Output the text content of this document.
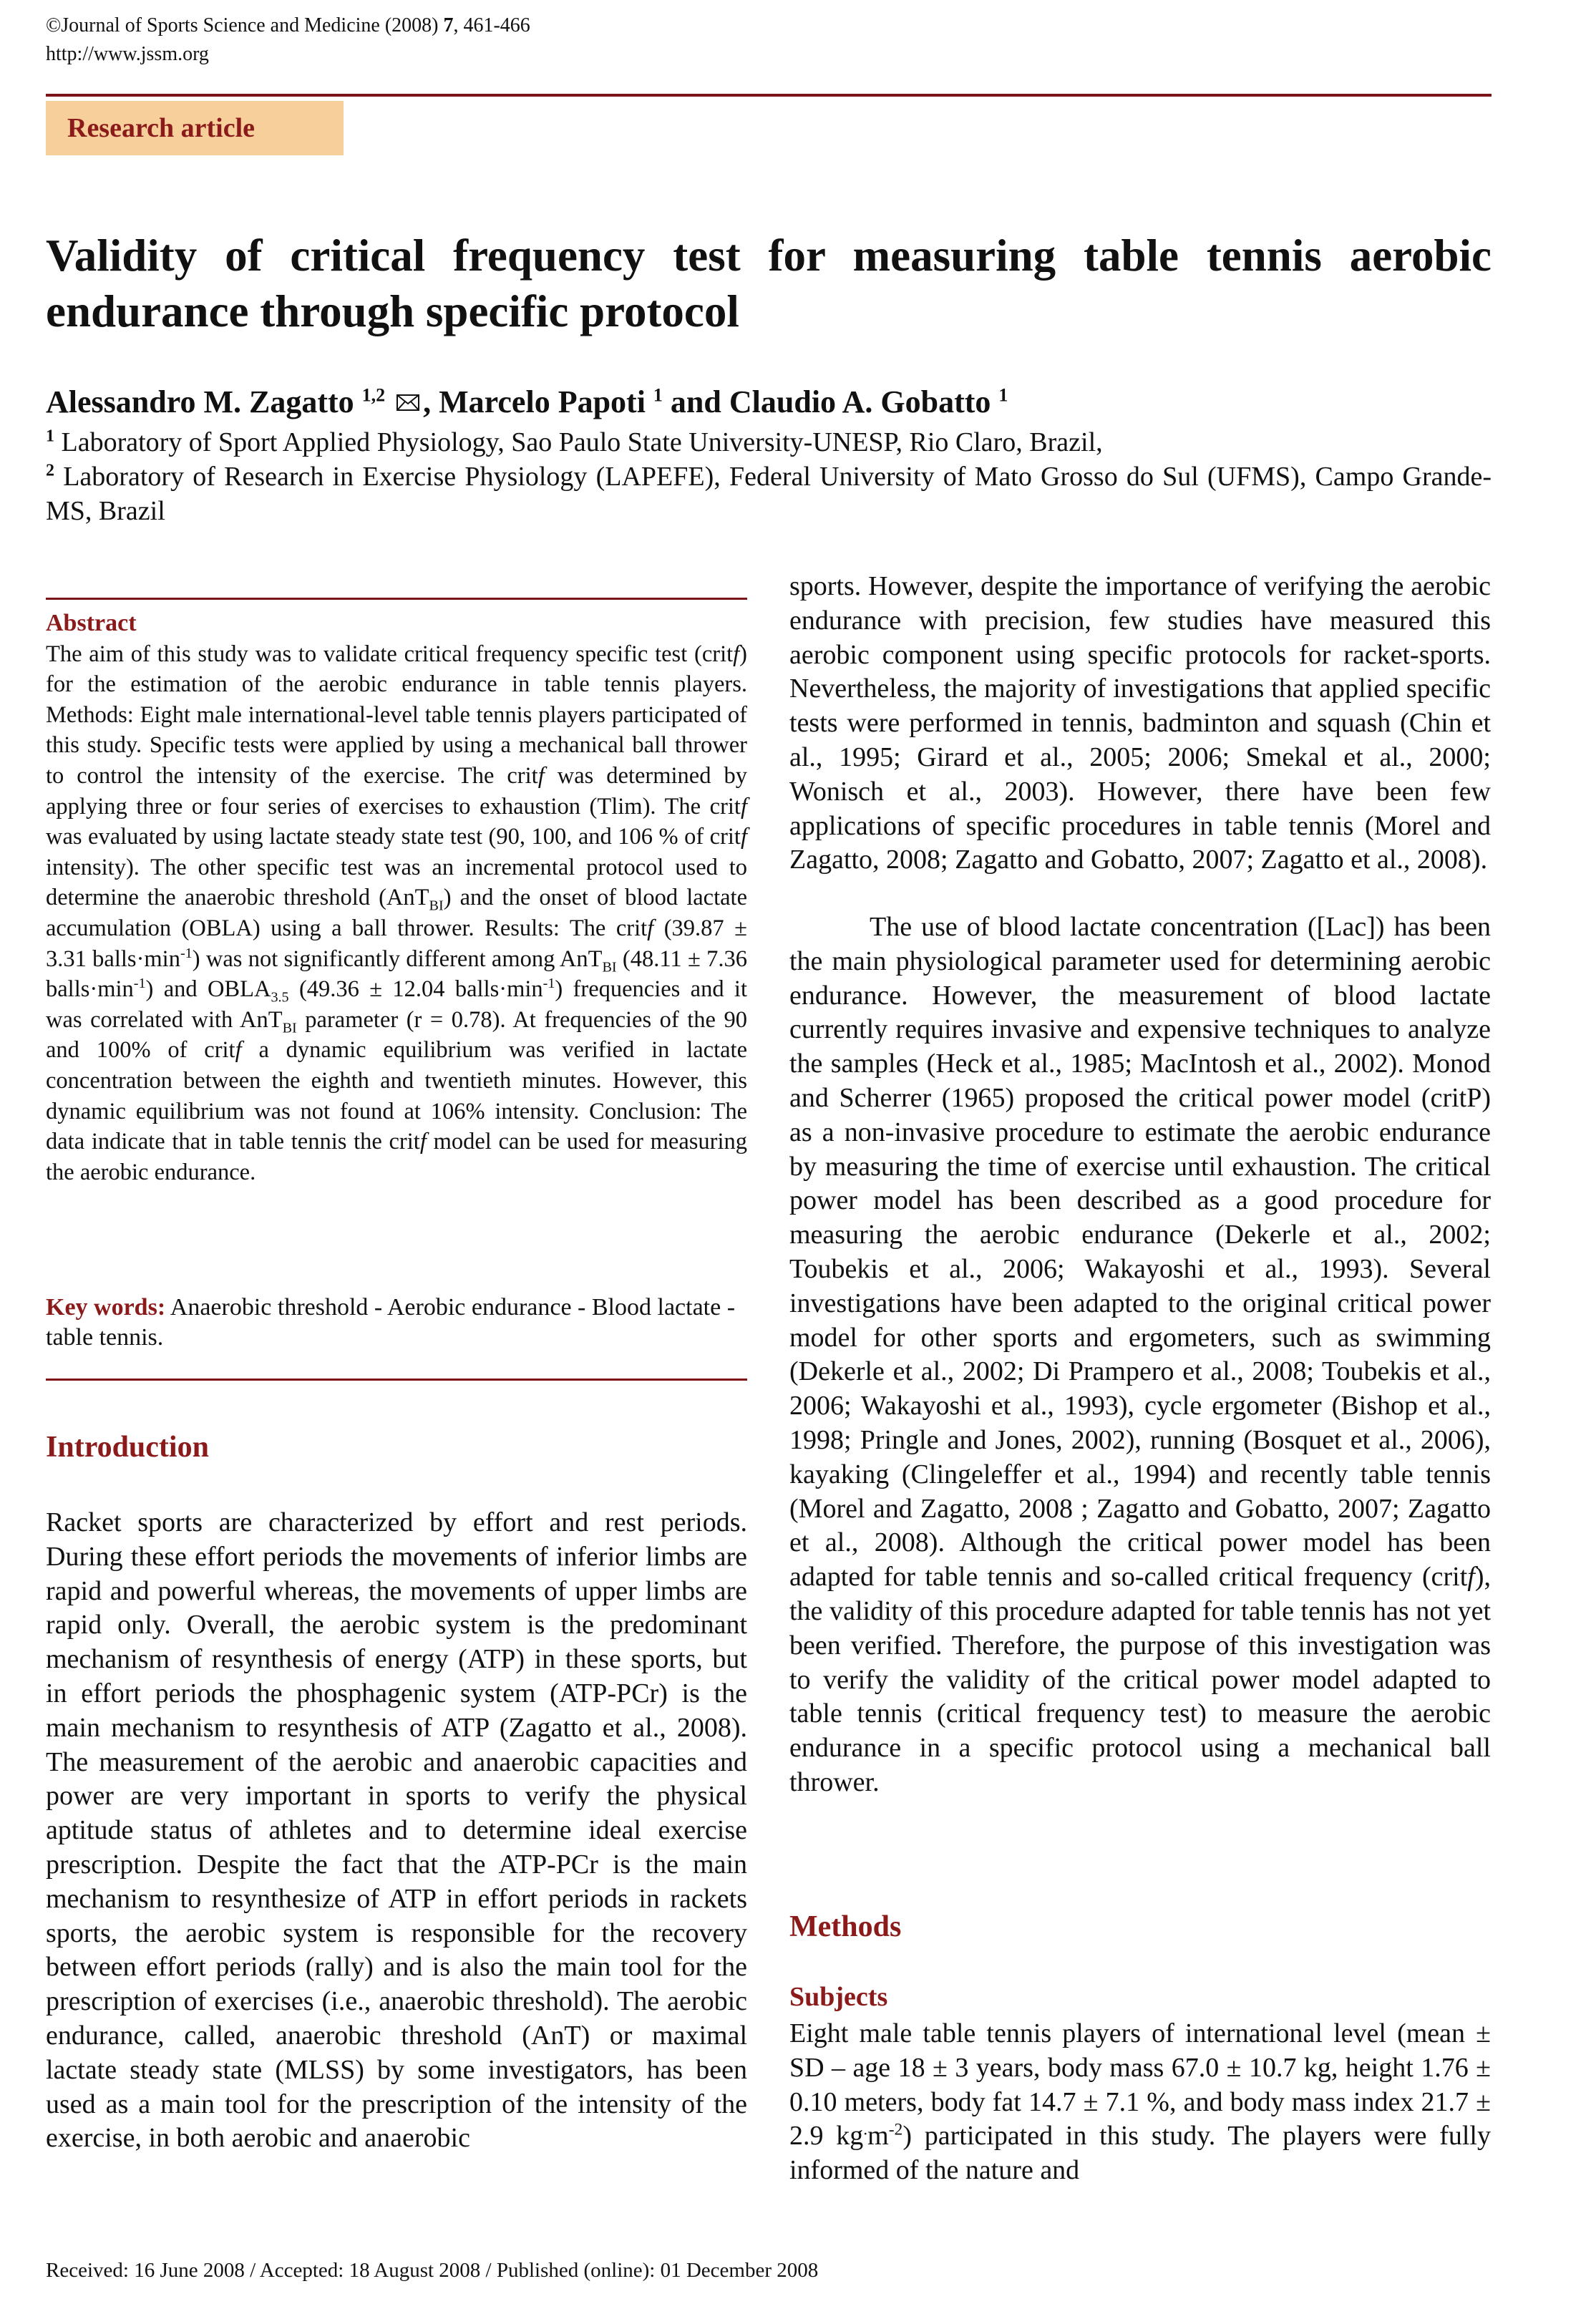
©Journal of Sports Science and Medicine (2008) 7, 461-466
http://www.jssm.org
Research article
Validity of critical frequency test for measuring table tennis aerobic endurance through specific protocol
Alessandro M. Zagatto $^{1,2}$ , Marcelo Papoti $^1$ and Claudio A. Gobatto $^1$

$^1$ Laboratory of Sport Applied Physiology, Sao Paulo State University-UNESP, Rio Claro, Brazil,

$^2$ Laboratory of Research in Exercise Physiology (LAPEFE), Federal University of Mato Grosso do Sul (UFMS), Campo Grande-MS, Brazil

Abstract

The aim of this study was to validate critical frequency specific test (critf) for the estimation of the aerobic endurance in table tennis players. Methods: Eight male international-level table tennis players participated of this study. Specific tests were applied by using a mechanical ball thrower to control the intensity of the exercise. The critf was determined by applying three or four series of exercises to exhaustion (Tlim). The critf was evaluated by using lactate steady state test (90, 100, and 106 % of critf intensity). The other specific test was an incremental protocol used to determine the anaerobic threshold (AnT$_{BI}$) and the onset of blood lactate accumulation (OBLA) using a ball thrower. Results: The critf (39.87 ± 3.31 $balls\cdot\min^{-1}$) was not significantly different among AnT$_{BI}$ (48.11 ± 7.36 $balls\cdot\min^{-1}$) and $OBLA_{3.5}$ (49.36 ± 12.04 $balls\cdot\min^{-1}$) frequencies and it was correlated with AnT$_{BI}$ parameter (r = 0.78). At frequencies of the 90 and 100% of critf a dynamic equilibrium was verified in lactate concentration between the eighth and twentieth minutes. However, this dynamic equilibrium was not found at 106% intensity. Conclusion: The data indicate that in table tennis the critf model can be used for measuring the aerobic endurance.

Key words: Anaerobic threshold - Aerobic endurance - Blood lactate - table tennis.
Introduction

Racket sports are characterized by effort and rest periods. During these effort periods the movements of inferior limbs are rapid and powerful whereas, the movements of upper limbs are rapid only. Overall, the aerobic system is the predominant mechanism of resynthesis of energy (ATP) in these sports, but in effort periods the phosphagenic system (ATP-PCr) is the main mechanism to resynthesis of ATP (Zagatto et al., 2008). The measurement of the aerobic and anaerobic capacities and power are very important in sports to verify the physical aptitude status of athletes and to determine ideal exercise prescription. Despite the fact that the ATP-PCr is the main mechanism to resynthesize of ATP in effort periods in rackets sports, the aerobic system is responsible for the recovery between effort periods (rally) and is also the main tool for the prescription of exercises (i.e., anaerobic threshold). The aerobic endurance, called, anaerobic threshold (AnT) or maximal lactate steady state (MLSS) by some investigators, has been used as a main tool for the prescription of the intensity of the exercise, in both aerobic and anaerobic

sports. However, despite the importance of verifying the aerobic endurance with precision, few studies have measured this aerobic component using specific protocols for racket-sports. Nevertheless, the majority of investigations that applied specific tests were performed in tennis, badminton and squash (Chin et al., 1995; Girard et al., 2005; 2006; Smekal et al., 2000; Wonisch et al., 2003). However, there have been few applications of specific procedures in table tennis (Morel and Zagatto, 2008; Zagatto and Gobatto, 2007; Zagatto et al., 2008).

The use of blood lactate concentration ([Lac]) has been the main physiological parameter used for determining aerobic endurance. However, the measurement of blood lactate currently requires invasive and expensive techniques to analyze the samples (Heck et al., 1985; MacIntosh et al., 2002). Monod and Scherrer (1965) proposed the critical power model (critP) as a non-invasive procedure to estimate the aerobic endurance by measuring the time of exercise until exhaustion. The critical power model has been described as a good procedure for measuring the aerobic endurance (Dekerle et al., 2002; Toubekis et al., 2006; Wakayoshi et al., 1993). Several investigations have been adapted to the original critical power model for other sports and ergometers, such as swimming (Dekerle et al., 2002; Di Prampero et al., 2008; Toubekis et al., 2006; Wakayoshi et al., 1993), cycle ergometer (Bishop et al., 1998; Pringle and Jones, 2002), running (Bosquet et al., 2006), kayaking (Clingeleffer et al., 1994) and recently table tennis (Morel and Zagatto, 2008 ; Zagatto and Gobatto, 2007; Zagatto et al., 2008). Although the critical power model has been adapted for table tennis and so-called critical frequency (critf), the validity of this procedure adapted for table tennis has not yet been verified. Therefore, the purpose of this investigation was to verify the validity of the critical power model adapted to table tennis (critical frequency test) to measure the aerobic endurance in a specific protocol using a mechanical ball thrower.

Methods
Subjects

Eight male table tennis players of international level (mean ± SD – age 18 ± 3 years, body mass 67.0 ± 10.7 kg, height 1.76 ± 0.10 meters, body fat 14.7 ± 7.1 %, and body mass index 21.7 ± 2.9 $kg^.m^{-2}$) participated in this study. The players were fully informed of the nature and

Received: 16 June 2008 / Accepted: 18 August 2008 / Published (online): 01 December 2008
